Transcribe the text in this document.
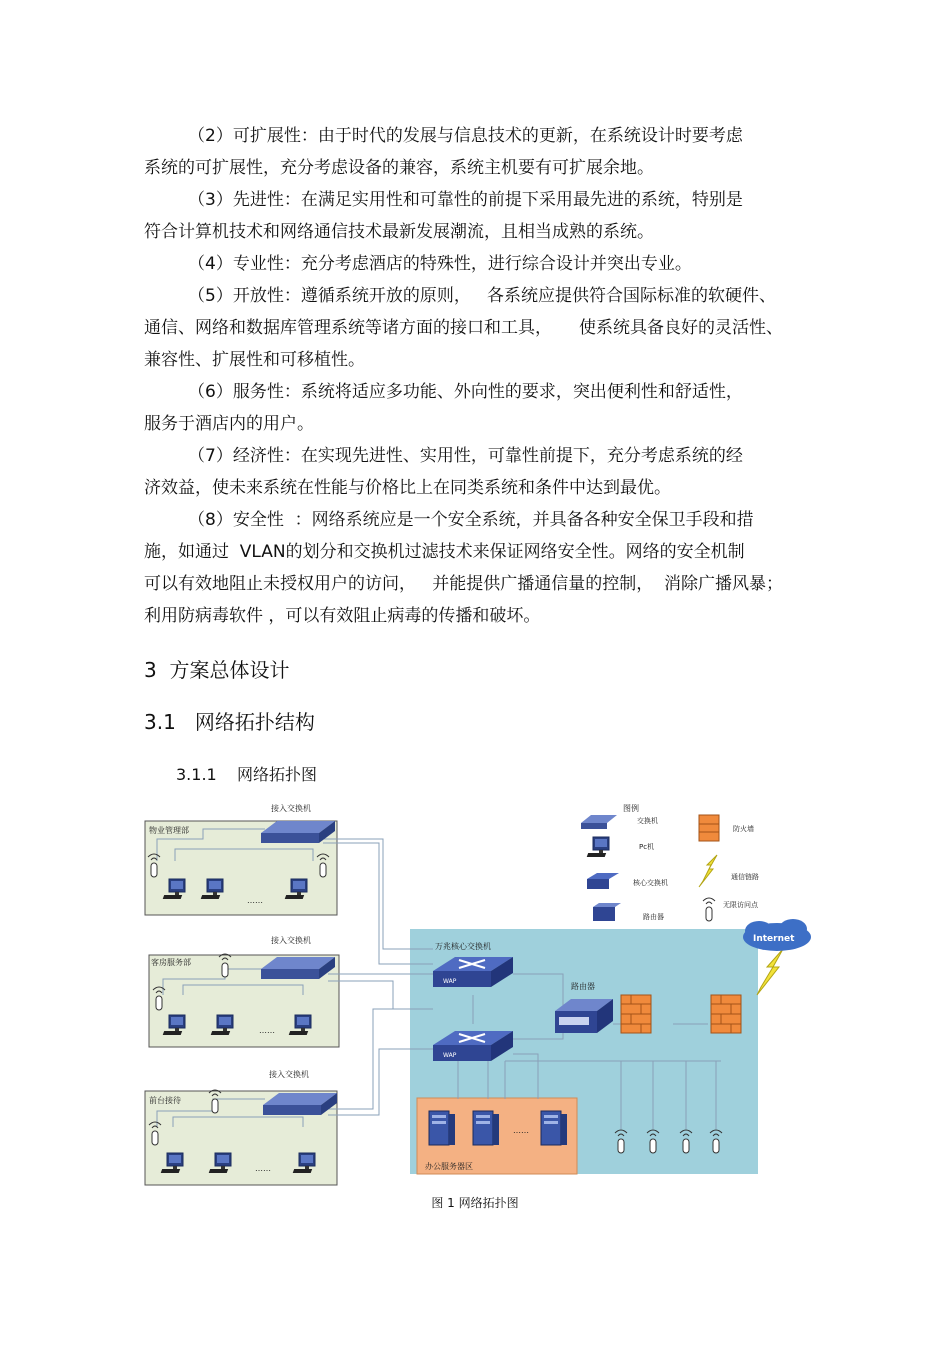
（2）可扩展性：由于时代的发展与信息技术的更新，在系统设计时要考虑
系统的可扩展性，充分考虑设备的兼容，系统主机要有可扩展余地。
（3）先进性：在满足实用性和可靠性的前提下采用最先进的系统，特别是
符合计算机技术和网络通信技术最新发展潮流，且相当成熟的系统。
（4）专业性：充分考虑酒店的特殊性，进行综合设计并突出专业。
（5）开放性：遵循系统开放的原则，   各系统应提供符合国际标准的软硬件、
通信、网络和数据库管理系统等诸方面的接口和工具，     使系统具备良好的灵活性、
兼容性、扩展性和可移植性。
（6）服务性：系统将适应多功能、外向性的要求，突出便利性和舒适性，
服务于酒店内的用户。
（7）经济性：在实现先进性、实用性，可靠性前提下，充分考虑系统的经
济效益，使未来系统在性能与价格比上在同类系统和条件中达到最优。
（8）安全性  ：网络系统应是一个安全系统，并具备各种安全保卫手段和措
施，如通过  VLAN的划分和交换机过滤技术来保证网络安全性。网络的安全机制
可以有效地阻止未授权用户的访问，   并能提供广播通信量的控制，  消除广播风暴；
利用防病毒软件 ，可以有效阻止病毒的传播和破坏。
3  方案总体设计
3.1   网络拓扑结构
3.1.1    网络拓扑图
物业管理部
接入交换机
……
客房服务部
接入交换机
……
前台接待
接入交换机
……
万兆核心交换机
路由器
Internet
……
办公服务器区
图例
交换机
Pc机
核心交换机
路由器
防火墙
通信链路
无限访问点
图 1 网络拓扑图
